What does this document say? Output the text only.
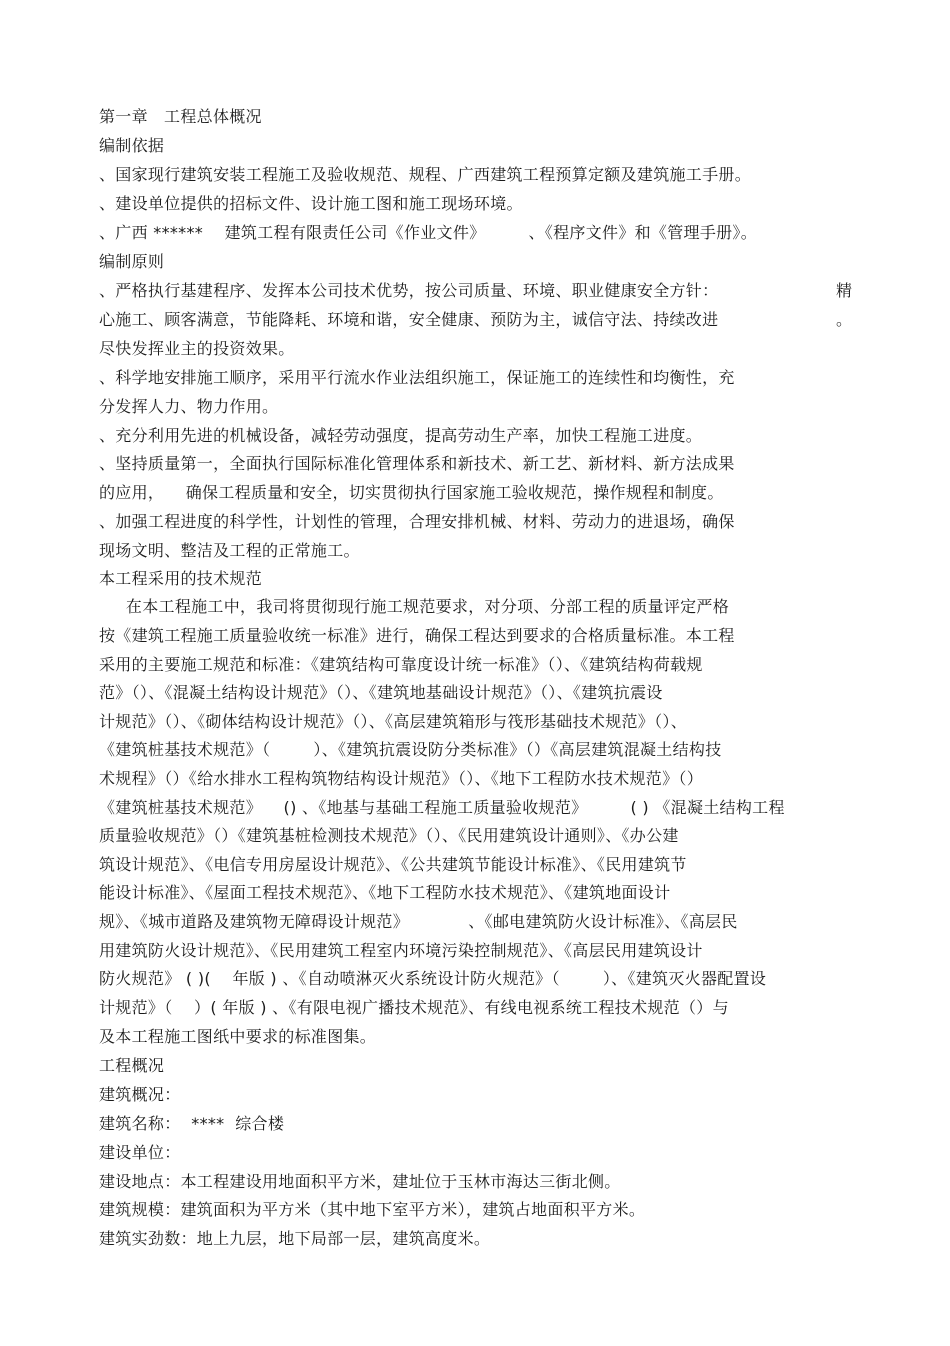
第一章   工程总体概况
编制依据
、国家现行建筑安装工程施工及验收规范、规程、广西建筑工程预算定额及建筑施工手册。
、建设单位提供的招标文件、设计施工图和施工现场环境。
、广西 ******    建筑工程有限责任公司《作业文件》        、《程序文件》和《管理手册》。
编制原则
、严格执行基建程序、发挥本公司技术优势，按公司质量、环境、职业健康安全方针：	精
心施工、顾客满意，节能降耗、环境和谐，安全健康、预防为主，诚信守法、持续改进	。
尽快发挥业主的投资效果。
、科学地安排施工顺序，采用平行流水作业法组织施工，保证施工的连续性和均衡性，充
分发挥人力、物力作用。
、充分利用先进的机械设备，减轻劳动强度，提高劳动生产率，加快工程施工进度。
、坚持质量第一，全面执行国际标准化管理体系和新技术、新工艺、新材料、新方法成果
的应用，    确保工程质量和安全，切实贯彻执行国家施工验收规范，操作规程和制度。
、加强工程进度的科学性，计划性的管理，合理安排机械、材料、劳动力的进退场，确保
现场文明、整洁及工程的正常施工。
本工程采用的技术规范
在本工程施工中，我司将贯彻现行施工规范要求，对分项、分部工程的质量评定严格
按《建筑工程施工质量验收统一标准》进行，确保工程达到要求的合格质量标准。本工程
采用的主要施工规范和标准：《建筑结构可靠度设计统一标准》（）、《建筑结构荷载规
范》（）、《混凝土结构设计规范》（）、《建筑地基础设计规范》（）、《建筑抗震设
计规范》（）、《砌体结构设计规范》（）、《高层建筑箱形与筏形基础技术规范》（）、
《建筑桩基技术规范》（        ）、《建筑抗震设防分类标准》（）《高层建筑混凝土结构技
术规程》（）《给水排水工程构筑物结构设计规范》（）、《地下工程防水技术规范》（）
《建筑桩基技术规范》    () 、《地基与基础工程施工质量验收规范》        ( ) 《混凝土结构工程
质量验收规范》（）《建筑基桩检测技术规范》（）、《民用建筑设计通则》、《办公建
筑设计规范》、《电信专用房屋设计规范》、《公共建筑节能设计标准》、《民用建筑节
能设计标准》、《屋面工程技术规范》、《地下工程防水技术规范》、《建筑地面设计
规》、《城市道路及建筑物无障碍设计规范》           、《邮电建筑防火设计标准》、《高层民
用建筑防火设计规范》、《民用建筑工程室内环境污染控制规范》、《高层民用建筑设计
防火规范》 ( )(    年版 ) 、《自动喷淋灭火系统设计防火规范》（        ）、《建筑灭火器配置设
计规范》（    ）( 年版 ) 、《有限电视广播技术规范》、有线电视系统工程技术规范（）与
及本工程施工图纸中要求的标准图集。
工程概况
建筑概况：
建筑名称：  ****  综合楼
建设单位：
建设地点：本工程建设用地面积平方米，建址位于玉林市海达三街北侧。
建筑规模：建筑面积为平方米（其中地下室平方米），建筑占地面积平方米。
建筑实劲数：地上九层，地下局部一层，建筑高度米。
